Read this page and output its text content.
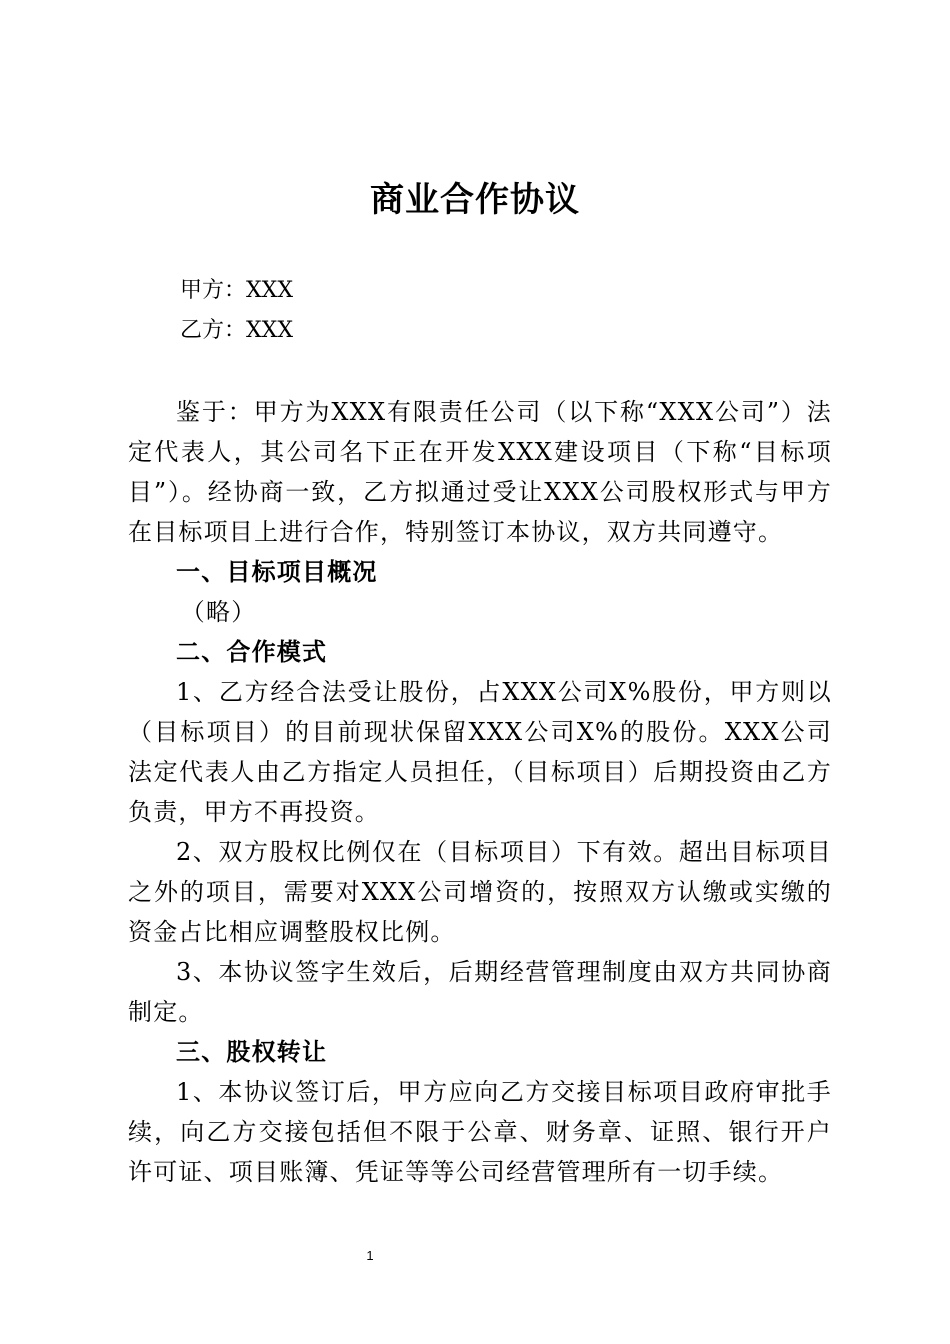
商业合作协议
甲方：XXX
乙方：XXX

鉴于：甲方为XXX有限责任公司（以下称“XXX公司”）法定代表人，其公司名下正在开发XXX建设项目（下称“目标项目”）。经协商一致，乙方拟通过受让XXX公司股权形式与甲方在目标项目上进行合作，特别签订本协议，双方共同遵守。

一、目标项目概况

（略）

二、合作模式

1、乙方经合法受让股份，占XXX公司X%股份，甲方则以（目标项目）的目前现状保留XXX公司X%的股份。XXX公司法定代表人由乙方指定人员担任，（目标项目）后期投资由乙方负责，甲方不再投资。

2、双方股权比例仅在（目标项目）下有效。超出目标项目之外的项目，需要对XXX公司增资的，按照双方认缴或实缴的资金占比相应调整股权比例。

3、本协议签字生效后，后期经营管理制度由双方共同协商制定。

三、股权转让

1、本协议签订后，甲方应向乙方交接目标项目政府审批手续，向乙方交接包括但不限于公章、财务章、证照、银行开户许可证、项目账簿、凭证等等公司经营管理所有一切手续。

1
